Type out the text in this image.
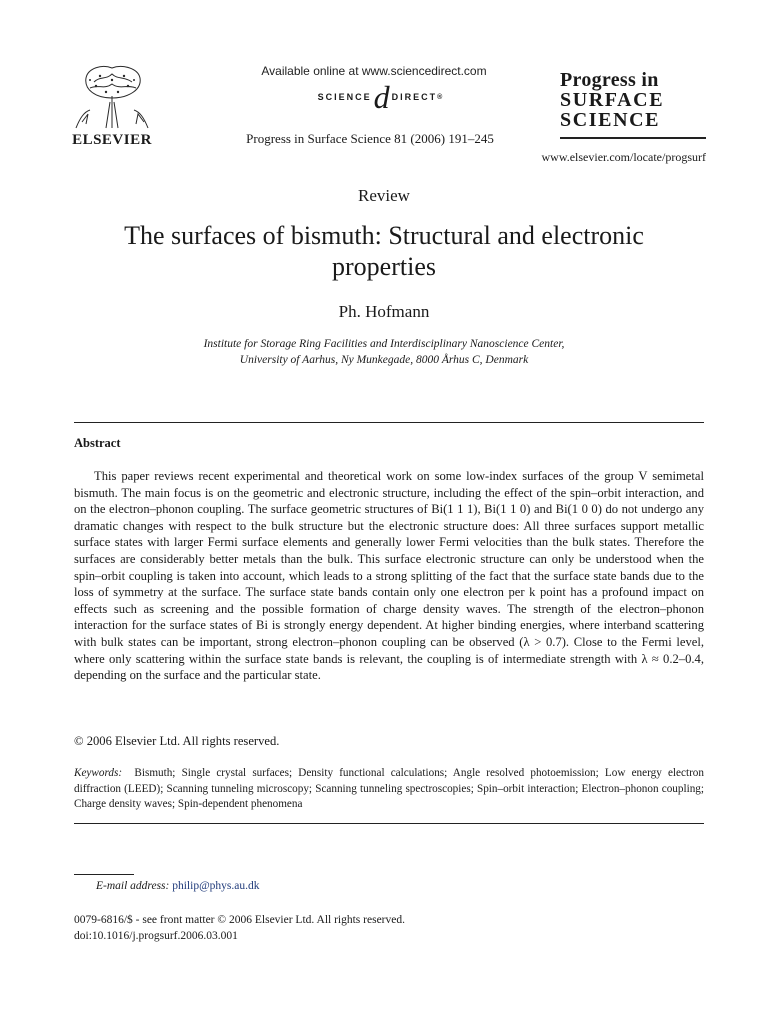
ELSEVIER
Available online at www.sciencedirect.com
SCIENCE d DIRECT ®
Progress in Surface Science 81 (2006) 191–245
Progress in
SURFACE
SCIENCE
www.elsevier.com/locate/progsurf
Review
The surfaces of bismuth: Structural and electronic properties
Ph. Hofmann
Institute for Storage Ring Facilities and Interdisciplinary Nanoscience Center,
University of Aarhus, Ny Munkegade, 8000 Århus C, Denmark
Abstract

This paper reviews recent experimental and theoretical work on some low-index surfaces of the group V semimetal bismuth. The main focus is on the geometric and electronic structure, including the effect of the spin–orbit interaction, and on the electron–phonon coupling. The surface geometric structures of Bi(1 1 1), Bi(1 1 0) and Bi(1 0 0) do not undergo any dramatic changes with respect to the bulk structure but the electronic structure does: All three surfaces support metallic surface states with larger Fermi surface elements and generally lower Fermi velocities than the bulk states. Therefore the surfaces are considerably better metals than the bulk. This surface electronic structure can only be understood when the spin–orbit coupling is taken into account, which leads to a strong splitting of the fact that the surface state bands due to the loss of symmetry at the surface. The surface state bands contain only one electron per k point has a profound impact on effects such as screening and the possible formation of charge density waves. The strength of the electron–phonon interaction for the surface states of Bi is strongly energy dependent. At higher binding energies, where interband scattering with bulk states can be important, strong electron–phonon coupling can be observed (λ > 0.7). Close to the Fermi level, where only scattering within the surface state bands is relevant, the coupling is of intermediate strength with λ ≈ 0.2–0.4, depending on the surface and the particular state.

© 2006 Elsevier Ltd. All rights reserved.
Keywords: Bismuth; Single crystal surfaces; Density functional calculations; Angle resolved photoemission; Low energy electron diffraction (LEED); Scanning tunneling microscopy; Scanning tunneling spectroscopies; Spin–orbit interaction; Electron–phonon coupling; Charge density waves; Spin-dependent phenomena
E-mail address: philip@phys.au.dk
0079-6816/$ - see front matter © 2006 Elsevier Ltd. All rights reserved.
doi:10.1016/j.progsurf.2006.03.001
